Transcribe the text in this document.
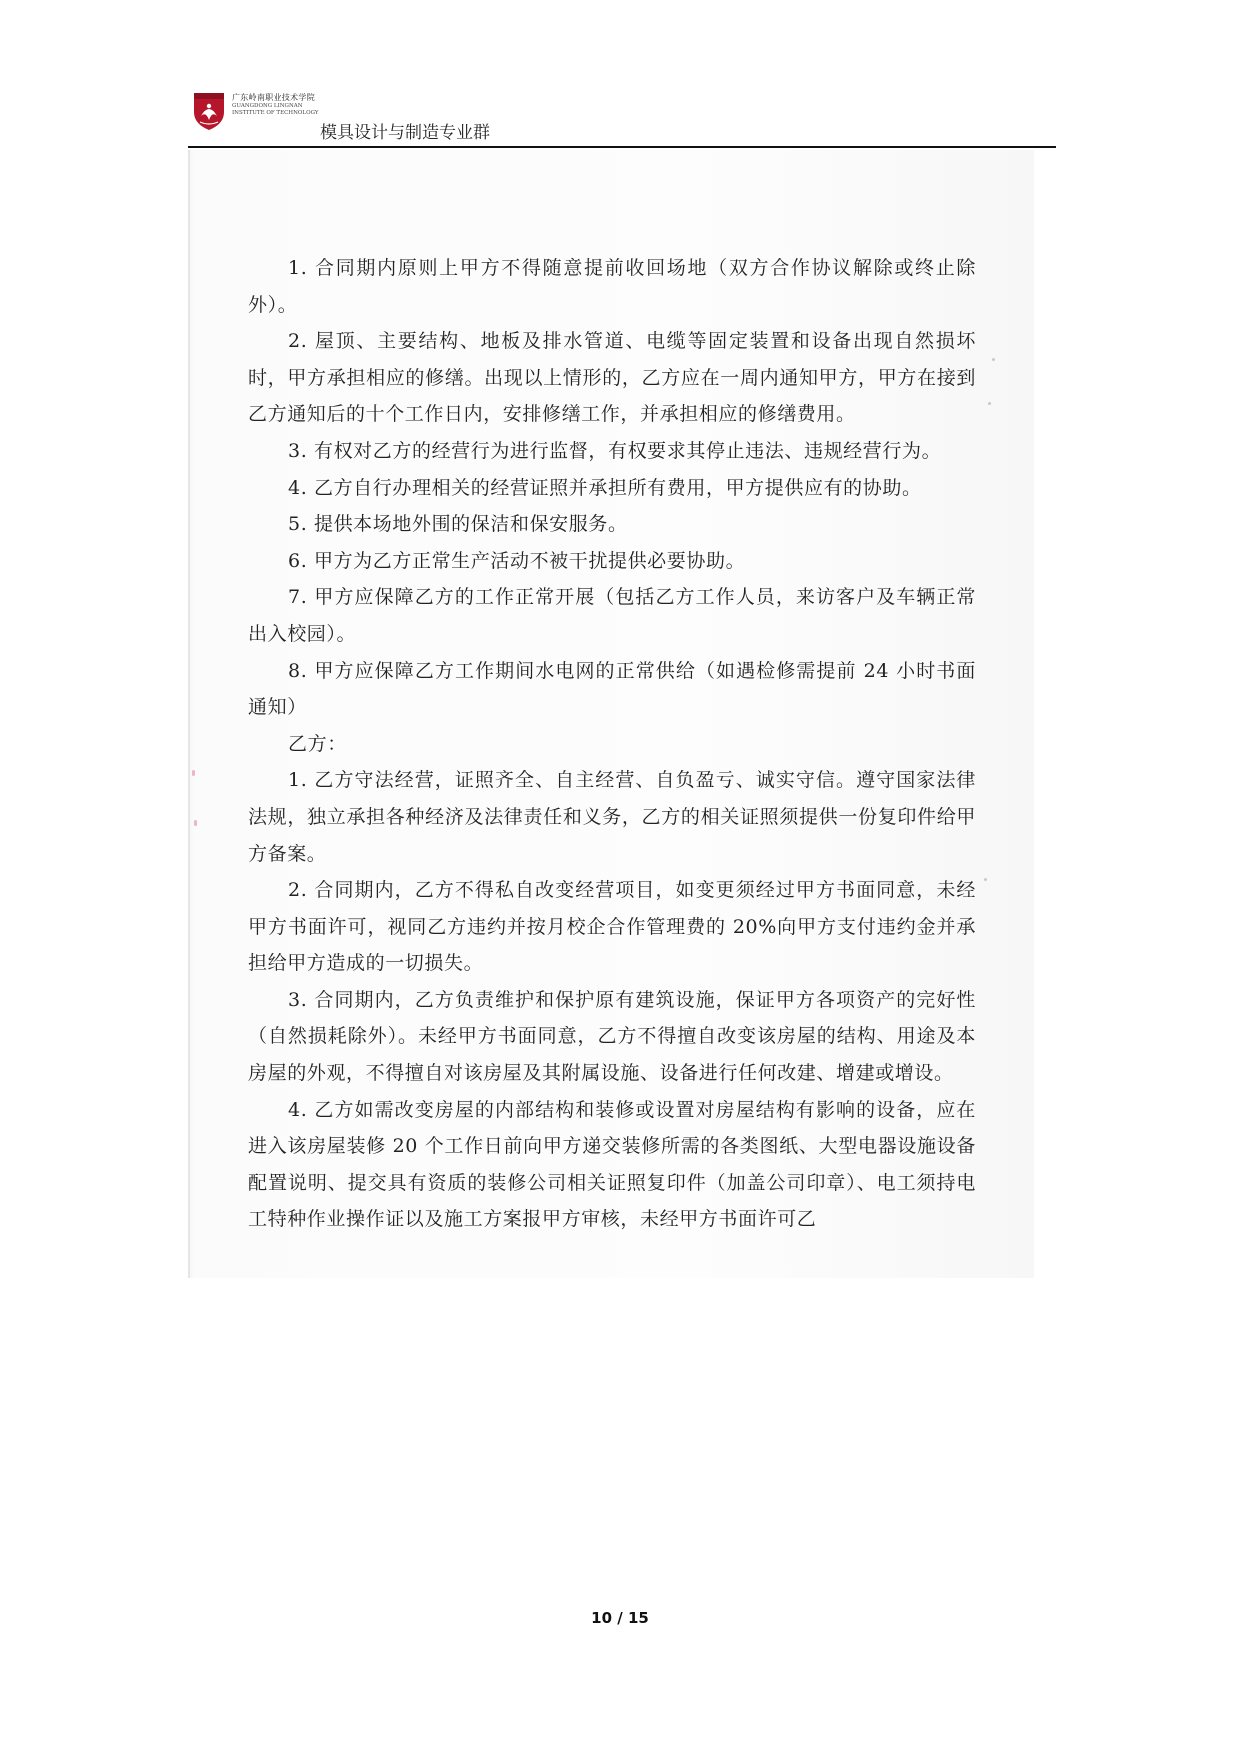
广东岭南职业技术学院
GUANGDONG LINGNAN
INSTITUTE OF TECHNOLOGY
模具设计与制造专业群

1. 合同期内原则上甲方不得随意提前收回场地（双方合作协议解除或终止除外）。

2. 屋顶、主要结构、地板及排水管道、电缆等固定装置和设备出现自然损坏时，甲方承担相应的修缮。出现以上情形的，乙方应在一周内通知甲方，甲方在接到乙方通知后的十个工作日内，安排修缮工作，并承担相应的修缮费用。

3. 有权对乙方的经营行为进行监督，有权要求其停止违法、违规经营行为。

4. 乙方自行办理相关的经营证照并承担所有费用，甲方提供应有的协助。

5. 提供本场地外围的保洁和保安服务。

6. 甲方为乙方正常生产活动不被干扰提供必要协助。

7. 甲方应保障乙方的工作正常开展（包括乙方工作人员，来访客户及车辆正常出入校园）。

8. 甲方应保障乙方工作期间水电网的正常供给（如遇检修需提前 24 小时书面通知）

乙方：

1. 乙方守法经营，证照齐全、自主经营、自负盈亏、诚实守信。遵守国家法律法规，独立承担各种经济及法律责任和义务，乙方的相关证照须提供一份复印件给甲方备案。

2. 合同期内，乙方不得私自改变经营项目，如变更须经过甲方书面同意，未经甲方书面许可，视同乙方违约并按月校企合作管理费的 20%向甲方支付违约金并承担给甲方造成的一切损失。

3. 合同期内，乙方负责维护和保护原有建筑设施，保证甲方各项资产的完好性（自然损耗除外）。未经甲方书面同意，乙方不得擅自改变该房屋的结构、用途及本房屋的外观，不得擅自对该房屋及其附属设施、设备进行任何改建、增建或增设。

4. 乙方如需改变房屋的内部结构和装修或设置对房屋结构有影响的设备，应在进入该房屋装修 20 个工作日前向甲方递交装修所需的各类图纸、大型电器设施设备配置说明、提交具有资质的装修公司相关证照复印件（加盖公司印章）、电工须持电工特种作业操作证以及施工方案报甲方审核，未经甲方书面许可乙

10 / 15
